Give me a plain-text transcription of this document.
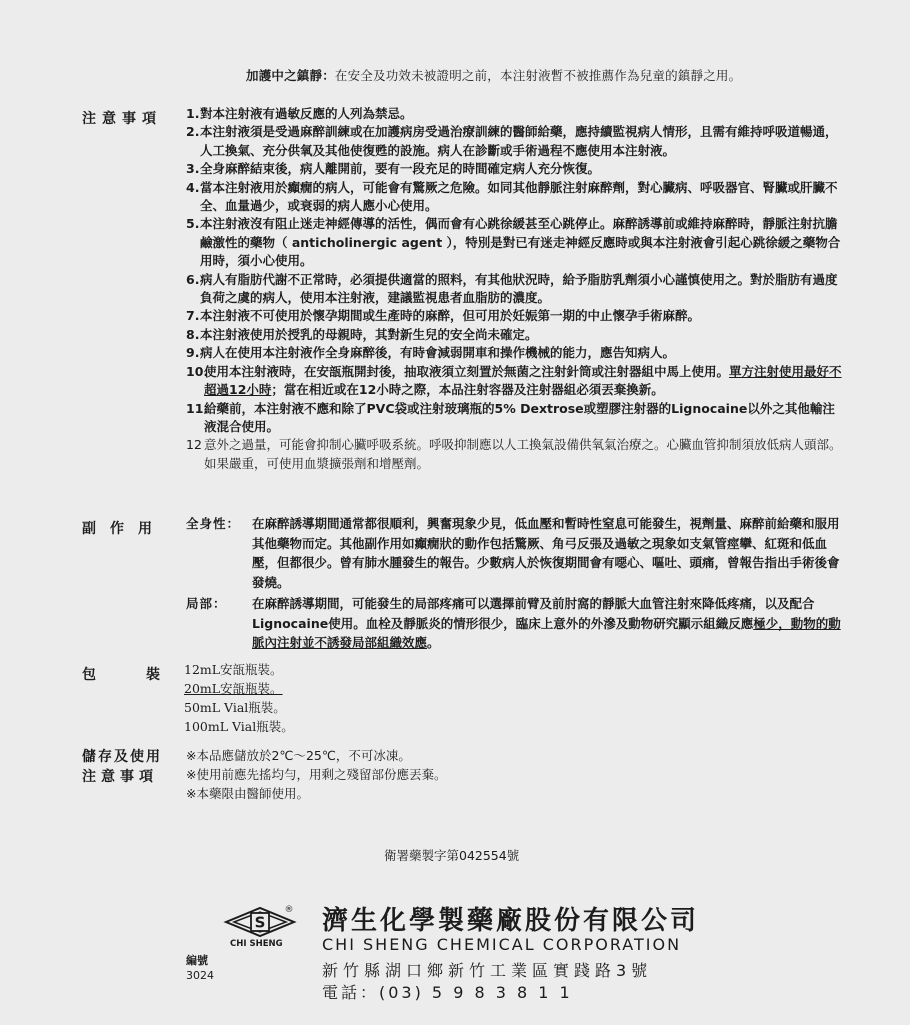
加護中之鎮靜：在安全及功效未被證明之前，本注射液暫不被推薦作為兒童的鎮靜之用。
注意事項 1. 對本注射液有過敏反應的人列為禁忌。
2. 本注射液須是受過麻醉訓練或在加護病房受過治療訓練的醫師給藥，應持續監視病人情形，且需有維持呼吸道暢通，人工換氣、充分供氧及其他使復甦的設施。病人在診斷或手術過程不應使用本注射液。
3. 全身麻醉結束後，病人離開前，要有一段充足的時間確定病人充分恢復。
4. 當本注射液用於癲癇的病人，可能會有驚厥之危險。如同其他靜脈注射麻醉劑，對心臟病、呼吸器官、腎臟或肝臟不全、血量過少，或衰弱的病人應小心使用。
5. 本注射液沒有阻止迷走神經傳導的活性，偶而會有心跳徐緩甚至心跳停止。麻醉誘導前或維持麻醉時，靜脈注射抗膽鹼激性的藥物（ anticholinergic agent ），特別是對已有迷走神經反應時或與本注射液會引起心跳徐緩之藥物合用時，須小心使用。
6. 病人有脂肪代謝不正常時，必須提供適當的照料，有其他狀況時，給予脂肪乳劑須小心謹慎使用之。對於脂肪有過度負荷之虞的病人，使用本注射液，建議監視患者血脂肪的濃度。
7. 本注射液不可使用於懷孕期間或生產時的麻醉，但可用於妊娠第一期的中止懷孕手術麻醉。
8. 本注射液使用於授乳的母親時，其對新生兒的安全尚未確定。
9. 病人在使用本注射液作全身麻醉後，有時會減弱開車和操作機械的能力，應告知病人。
10.
使用本注射液時，在安瓿瓶開封後，抽取液須立刻置於無菌之注射針筒或注射器組中馬上使用。單方注射使用最好不超過12小時；當在相近或在12小時之際，本品注射容器及注射器組必須丟棄換新。
11.
給藥前，本注射液不應和除了PVC袋或注射玻璃瓶的5% Dextrose或塑膠注射器的Lignocaine以外之其他輸注液混合使用。
12 意外之過量，可能會抑制心臟呼吸系統。呼吸抑制應以人工換氣設備供氧氣治療之。心臟血管抑制須放低病人頭部。如果嚴重，可使用血漿擴張劑和增壓劑。
副作用 全身性： 在麻醉誘導期間通常都很順利，興奮現象少見，低血壓和暫時性窒息可能發生，視劑量、麻醉前給藥和服用其他藥物而定。其他副作用如癲癇狀的動作包括驚厥、角弓反張及過敏之現象如支氣管痙攣、紅斑和低血壓，但都很少。曾有肺水腫發生的報告。少數病人於恢復期間會有噁心、嘔吐、頭痛，曾報告指出手術後會發燒。
局部：	在麻醉誘導期間，可能發生的局部疼痛可以選擇前臂及前肘窩的靜脈大血管注射來降低疼痛，以及配合Lignocaine使用。血栓及靜脈炎的情形很少，臨床上意外的外滲及動物研究顯示組織反應極少，動物的動脈內注射並不誘發局部組織效應。
包裝
12mL安瓿瓶裝。
20mL安瓿瓶裝。
50mL Vial瓶裝。
100mL Vial瓶裝。
儲存及使用
注意事項
※本品應儲放於2℃～25℃，不可冰凍。
※使用前應先搖均勻，用剩之殘留部份應丟棄。
※本藥限由醫師使用。
衛署藥製字第042554號
S
®
CHI SHENG
濟生化學製藥廠股份有限公司
CHI SHENG CHEMICAL CORPORATION
新竹縣湖口鄉新竹工業區實踐路3號
電話：(03) 5 9 8 3 8 1 1
編號
3024
